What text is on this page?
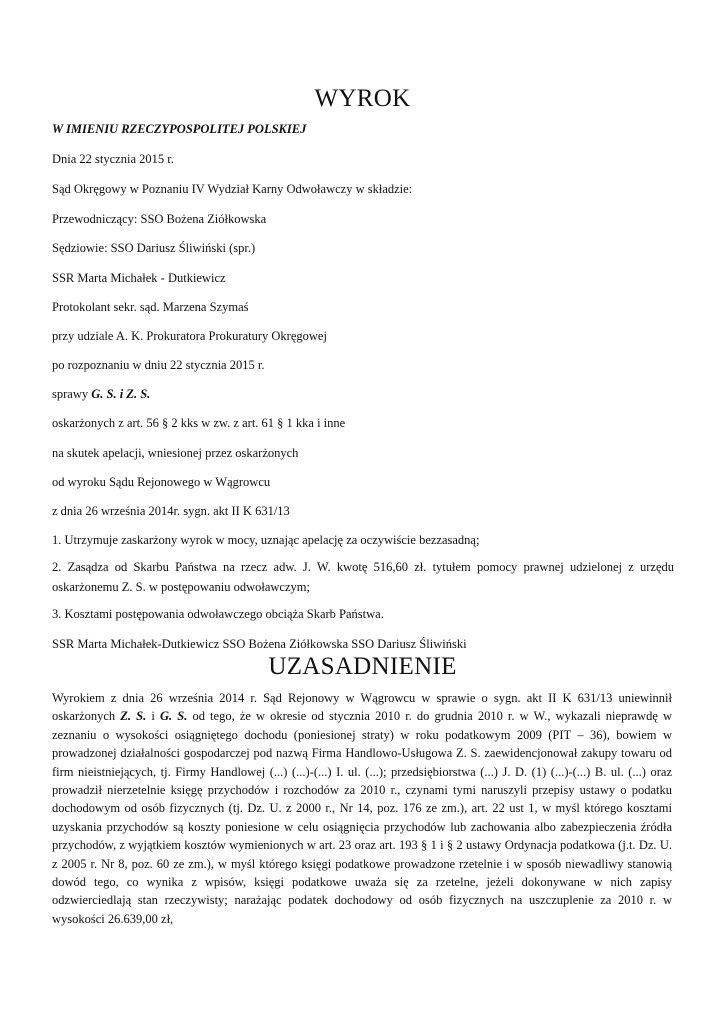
WYROK
W IMIENIU RZECZYPOSPOLITEJ POLSKIEJ
Dnia 22 stycznia 2015 r.
Sąd Okręgowy w Poznaniu IV Wydział Karny Odwoławczy w składzie:
Przewodniczący: SSO Bożena Ziółkowska
Sędziowie: SSO Dariusz Śliwiński (spr.)
SSR Marta Michałek - Dutkiewicz
Protokolant sekr. sąd. Marzena Szymaś
przy udziale A. K. Prokuratora Prokuratury Okręgowej
po rozpoznaniu w dniu 22 stycznia 2015 r.
sprawy G. S. i Z. S.
oskarżonych z art. 56 § 2 kks w zw. z art. 61 § 1 kka i inne
na skutek apelacji, wniesionej przez oskarżonych
od wyroku Sądu Rejonowego w Wągrowcu
z dnia 26 września 2014r. sygn. akt II K 631/13
1. Utrzymuje zaskarżony wyrok w mocy, uznając apelację za oczywiście bezzasadną;
2. Zasądza od Skarbu Państwa na rzecz adw. J. W. kwotę 516,60 zł. tytułem pomocy prawnej udzielonej z urzędu oskarżonemu Z. S. w postępowaniu odwoławczym;
3. Kosztami postępowania odwoławczego obciąża Skarb Państwa.
SSR Marta Michałek-Dutkiewicz SSO Bożena Ziółkowska SSO Dariusz Śliwiński
UZASADNIENIE
Wyrokiem z dnia 26 września 2014 r. Sąd Rejonowy w Wągrowcu w sprawie o sygn. akt II K 631/13 uniewinnił oskarżonych Z. S. i G. S. od tego, że w okresie od stycznia 2010 r. do grudnia 2010 r. w W., wykazali nieprawdę w zeznaniu o wysokości osiągniętego dochodu (poniesionej straty) w roku podatkowym 2009 (PIT – 36), bowiem w prowadzonej działalności gospodarczej pod nazwą Firma Handlowo-Usługowa Z. S. zaewidencjonował zakupy towaru od firm nieistniejących, tj. Firmy Handlowej (...) (...)-(...) I. ul. (...); przedsiębiorstwa (...) J. D. (1) (...)-(...) B. ul. (...) oraz prowadził nierzetelnie księgę przychodów i rozchodów za 2010 r., czynami tymi naruszyli przepisy ustawy o podatku dochodowym od osób fizycznych (tj. Dz. U. z 2000 r., Nr 14, poz. 176 ze zm.), art. 22 ust 1, w myśl którego kosztami uzyskania przychodów są koszty poniesione w celu osiągnięcia przychodów lub zachowania albo zabezpieczenia źródła przychodów, z wyjątkiem kosztów wymienionych w art. 23 oraz art. 193 § 1 i § 2 ustawy Ordynacja podatkowa (j.t. Dz. U. z 2005 r. Nr 8, poz. 60 ze zm.), w myśl którego księgi podatkowe prowadzone rzetelnie i w sposób niewadliwy stanowią dowód tego, co wynika z wpisów, księgi podatkowe uważa się za rzetelne, jeżeli dokonywane w nich zapisy odzwierciedlają stan rzeczywisty; narażając podatek dochodowy od osób fizycznych na uszczuplenie za 2010 r. w wysokości 26.639,00 zł,
